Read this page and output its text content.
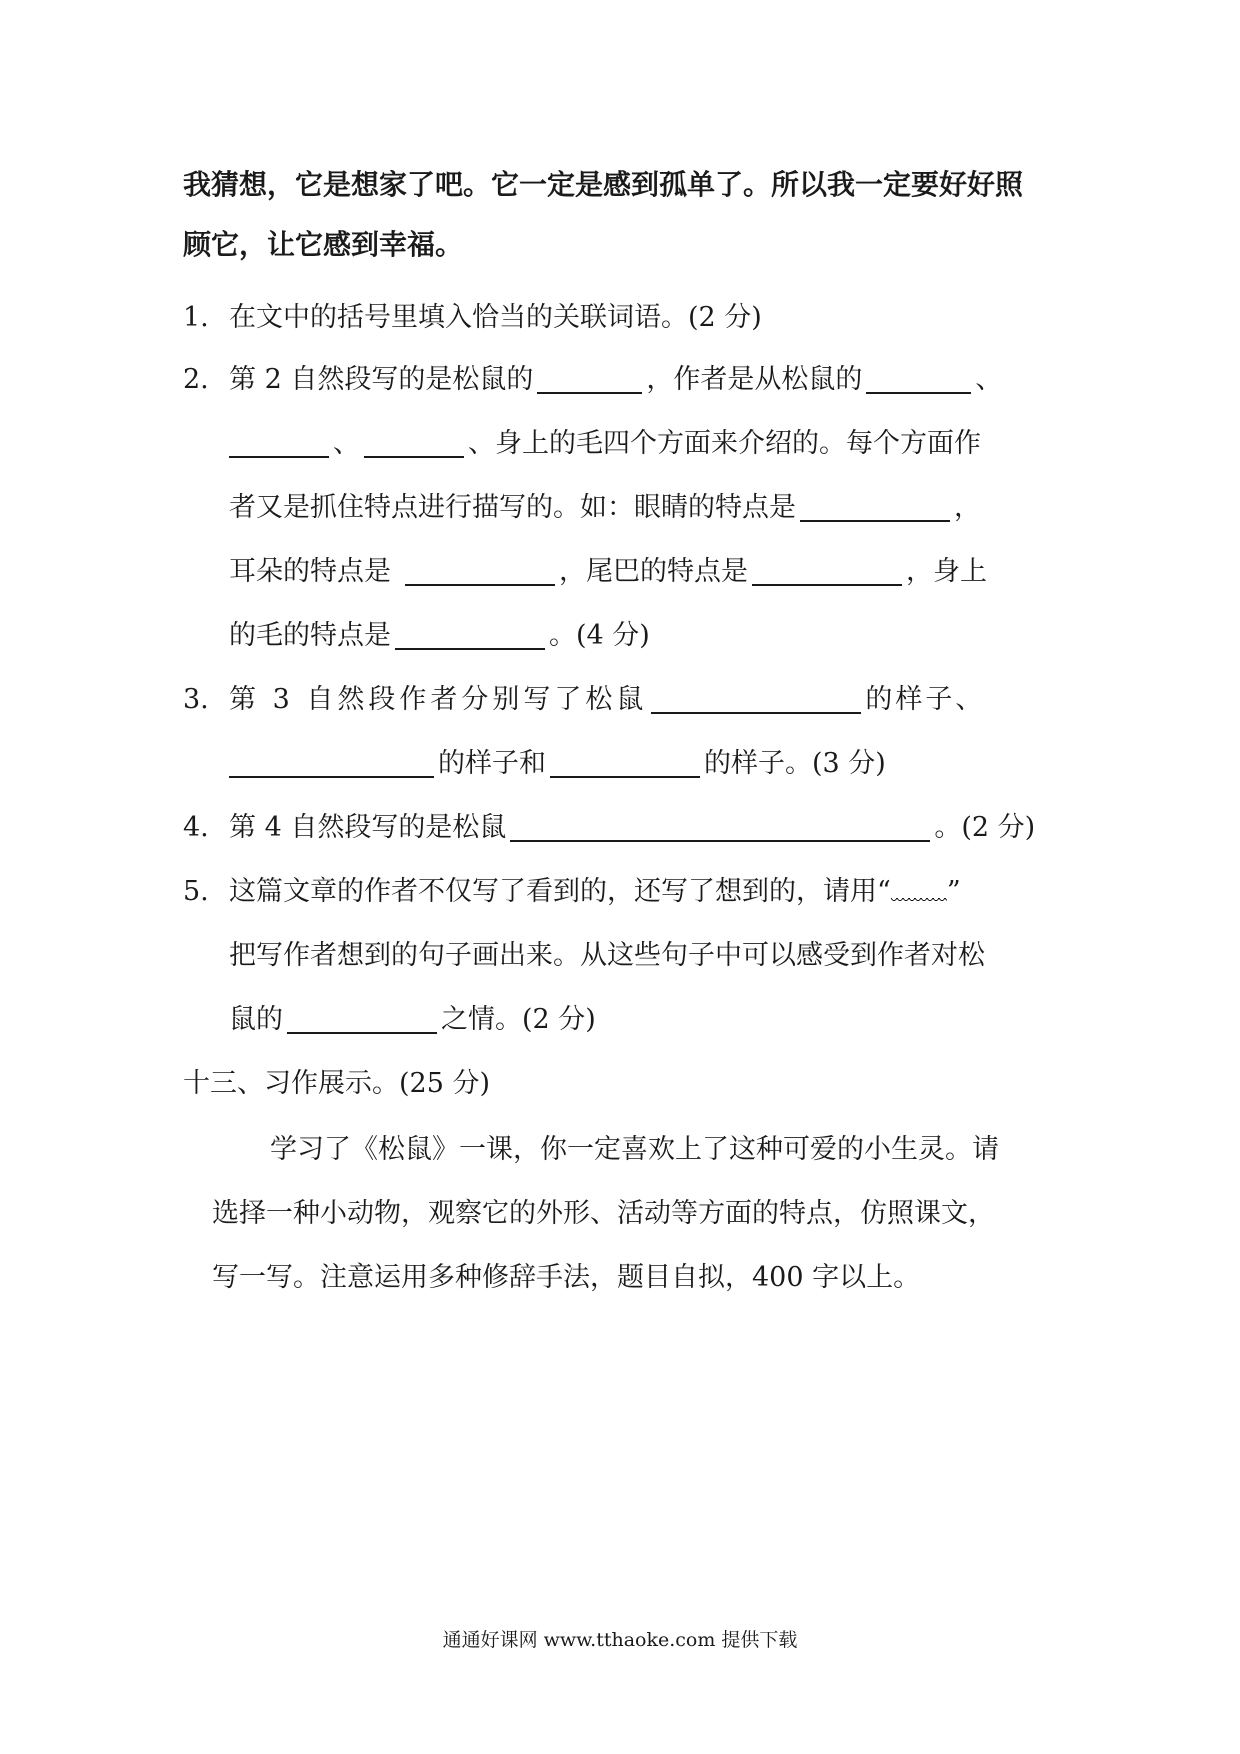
我猜想，它是想家了吧。它一定是感到孤单了。所以我一定要好好照
顾它，让它感到幸福。
1. 在文中的括号里填入恰当的关联词语。(2 分)
2. 第 2 自然段写的是松鼠的	，作者是从松鼠的	、
、	、身上的毛四个方面来介绍的。每个方面作
者又是抓住特点进行描写的。如：眼睛的特点是	，
耳朵的特点是	，尾巴的特点是	，身上
的毛的特点是	。(4 分)
3. 第 3 自然段作者分别写了松鼠	的样子、
的样子和	的样子。(3 分)
4. 第 4 自然段写的是松鼠	。(2 分)
5. 这篇文章的作者不仅写了看到的，还写了想到的，请用“ ”
把写作者想到的句子画出来。从这些句子中可以感受到作者对松
鼠的	之情。(2 分)
十三、习作展示。(25 分)
学习了《松鼠》一课，你一定喜欢上了这种可爱的小生灵。请
选择一种小动物，观察它的外形、活动等方面的特点，仿照课文，
写一写。注意运用多种修辞手法，题目自拟，400 字以上。
通通好课网 www.tthaoke.com 提供下载
